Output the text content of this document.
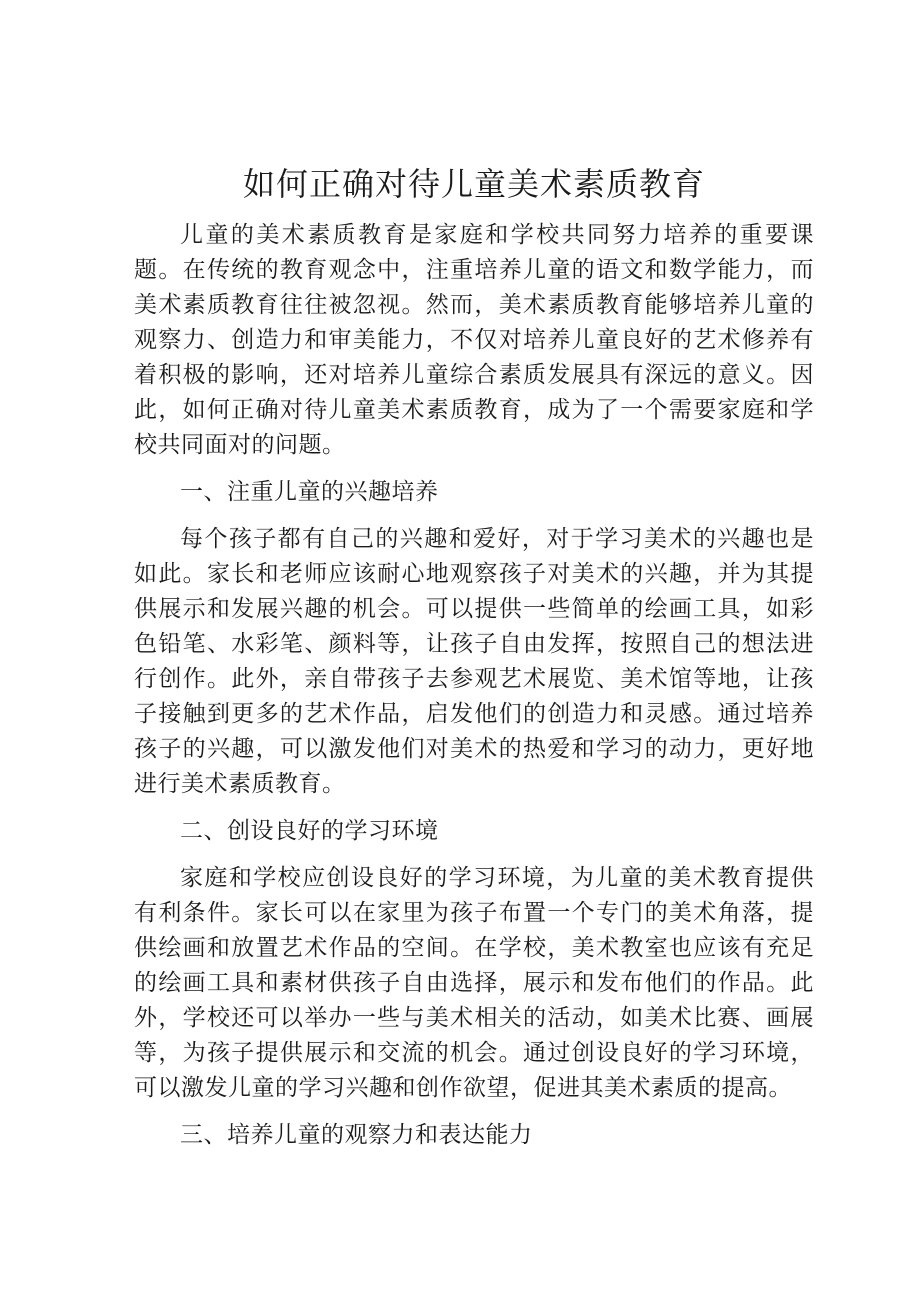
如何正确对待儿童美术素质教育

儿童的美术素质教育是家庭和学校共同努力培养的重要课题。在传统的教育观念中，注重培养儿童的语文和数学能力，而美术素质教育往往被忽视。然而，美术素质教育能够培养儿童的观察力、创造力和审美能力，不仅对培养儿童良好的艺术修养有着积极的影响，还对培养儿童综合素质发展具有深远的意义。因此，如何正确对待儿童美术素质教育，成为了一个需要家庭和学校共同面对的问题。

一、注重儿童的兴趣培养

每个孩子都有自己的兴趣和爱好，对于学习美术的兴趣也是如此。家长和老师应该耐心地观察孩子对美术的兴趣，并为其提供展示和发展兴趣的机会。可以提供一些简单的绘画工具，如彩色铅笔、水彩笔、颜料等，让孩子自由发挥，按照自己的想法进行创作。此外，亲自带孩子去参观艺术展览、美术馆等地，让孩子接触到更多的艺术作品，启发他们的创造力和灵感。通过培养孩子的兴趣，可以激发他们对美术的热爱和学习的动力，更好地进行美术素质教育。

二、创设良好的学习环境

家庭和学校应创设良好的学习环境，为儿童的美术教育提供有利条件。家长可以在家里为孩子布置一个专门的美术角落，提供绘画和放置艺术作品的空间。在学校，美术教室也应该有充足的绘画工具和素材供孩子自由选择，展示和发布他们的作品。此外，学校还可以举办一些与美术相关的活动，如美术比赛、画展等，为孩子提供展示和交流的机会。通过创设良好的学习环境，可以激发儿童的学习兴趣和创作欲望，促进其美术素质的提高。

三、培养儿童的观察力和表达能力
